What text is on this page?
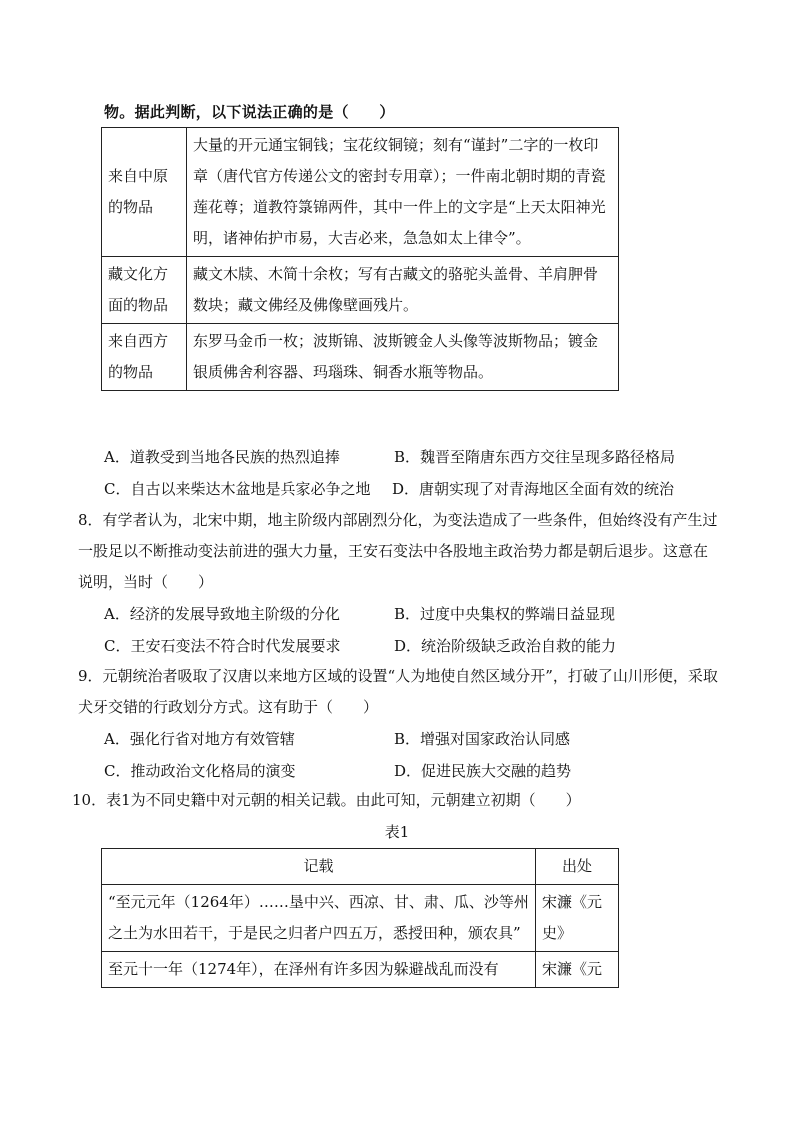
物。据此判断，以下说法正确的是（　　）
来自中原的物品	大量的开元通宝铜钱；宝花纹铜镜；刻有“谨封”二字的一枚印章（唐代官方传递公文的密封专用章）；一件南北朝时期的青瓷莲花尊；道教符箓锦两件，其中一件上的文字是“上天太阳神光明，诸神佑护市易，大吉必来，急急如太上律令”。
藏文化方面的物品	藏文木牍、木简十余枚；写有古藏文的骆驼头盖骨、羊肩胛骨数块；藏文佛经及佛像壁画残片。
来自西方的物品	东罗马金币一枚；波斯锦、波斯镀金人头像等波斯物品；镀金银质佛舍利容器、玛瑙珠、铜香水瓶等物品。
A．道教受到当地各民族的热烈追捧	B．魏晋至隋唐东西方交往呈现多路径格局
C．自古以来柴达木盆地是兵家必争之地 D．唐朝实现了对青海地区全面有效的统治
8．有学者认为，北宋中期，地主阶级内部剧烈分化，为变法造成了一些条件，但始终没有产生过一股足以不断推动变法前进的强大力量，王安石变法中各股地主政治势力都是朝后退步。这意在说明，当时（　　）
A．经济的发展导致地主阶级的分化	B．过度中央集权的弊端日益显现
C．王安石变法不符合时代发展要求	D．统治阶级缺乏政治自救的能力
9．元朝统治者吸取了汉唐以来地方区域的设置“人为地使自然区域分开”，打破了山川形便，采取犬牙交错的行政划分方式。这有助于（　　）
A．强化行省对地方有效管辖	B．增强对国家政治认同感
C．推动政治文化格局的演变	D．促进民族大交融的趋势
10．表1为不同史籍中对元朝的相关记载。由此可知，元朝建立初期（　　）
表1
记载	出处
“至元元年（1264年）……垦中兴、西凉、甘、肃、瓜、沙等州之土为水田若干，于是民之归者户四五万，悉授田种，颁农具”	宋濂《元史》
至元十一年（1274年），在泽州有许多因为躲避战乱而没有	宋濂《元
